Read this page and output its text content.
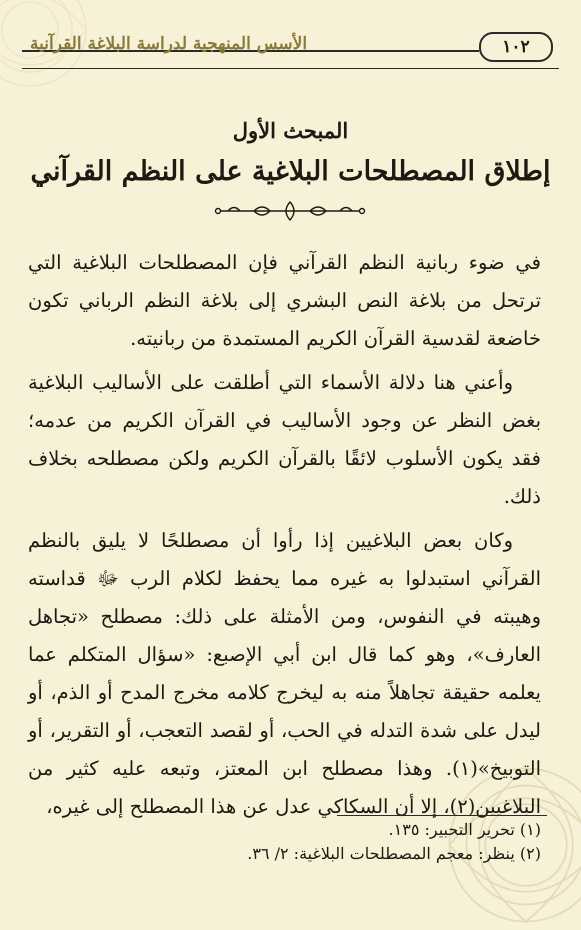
الأسس المنهجية لدراسة البلاغة القرآنية	١٠٢
المبحث الأول
إطلاق المصطلحات البلاغية على النظم القرآني

في ضوء ربانية النظم القرآني فإن المصطلحات البلاغية التي ترتحل من بلاغة النص البشري إلى بلاغة النظم الرباني تكون خاضعة لقدسية القرآن الكريم المستمدة من ربانيته.

وأعني هنا دلالة الأسماء التي أطلقت على الأساليب البلاغية بغض النظر عن وجود الأساليب في القرآن الكريم من عدمه؛ فقد يكون الأسلوب لائقًا بالقرآن الكريم ولكن مصطلحه بخلاف ذلك.

وكان بعض البلاغيين إذا رأوا أن مصطلحًا لا يليق بالنظم القرآني استبدلوا به غيره مما يحفظ لكلام الرب ﷻ قداسته وهيبته في النفوس، ومن الأمثلة على ذلك: مصطلح «تجاهل العارف»، وهو كما قال ابن أبي الإصبع: «سؤال المتكلم عما يعلمه حقيقة تجاهلاً منه به ليخرج كلامه مخرج المدح أو الذم، أو ليدل على شدة التدله في الحب، أو لقصد التعجب، أو التقرير، أو التوبيخ»(١). وهذا مصطلح ابن المعتز، وتبعه عليه كثير من البلاغيين(٢)، إلا أن السكاكي عدل عن هذا المصطلح إلى غيره،

(١) تحرير التحبير: ١٣٥.
(٢) ينظر: معجم المصطلحات البلاغية: ٢/ ٣٦.
